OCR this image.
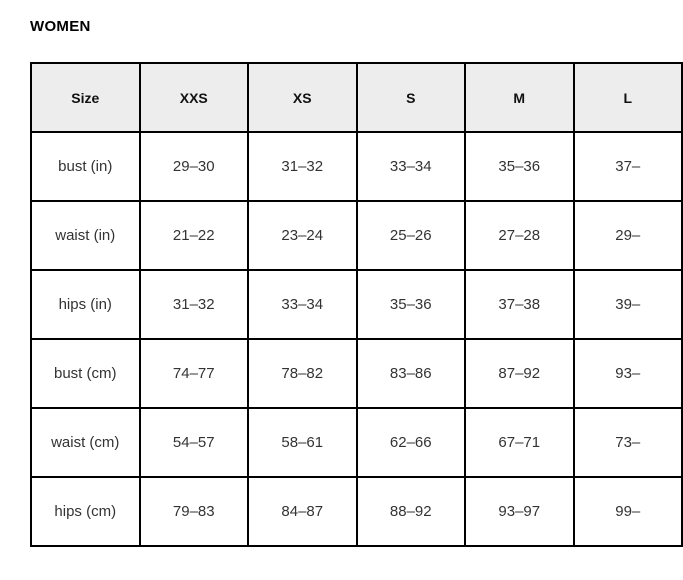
WOMEN
Size	XXS	XS	S	M	L
bust (in)	29–30	31–32	33–34	35–36	37–
waist (in)	21–22	23–24	25–26	27–28	29–
hips (in)	31–32	33–34	35–36	37–38	39–
bust (cm)	74–77	78–82	83–86	87–92	93–
waist (cm)	54–57	58–61	62–66	67–71	73–
hips (cm)	79–83	84–87	88–92	93–97	99–
